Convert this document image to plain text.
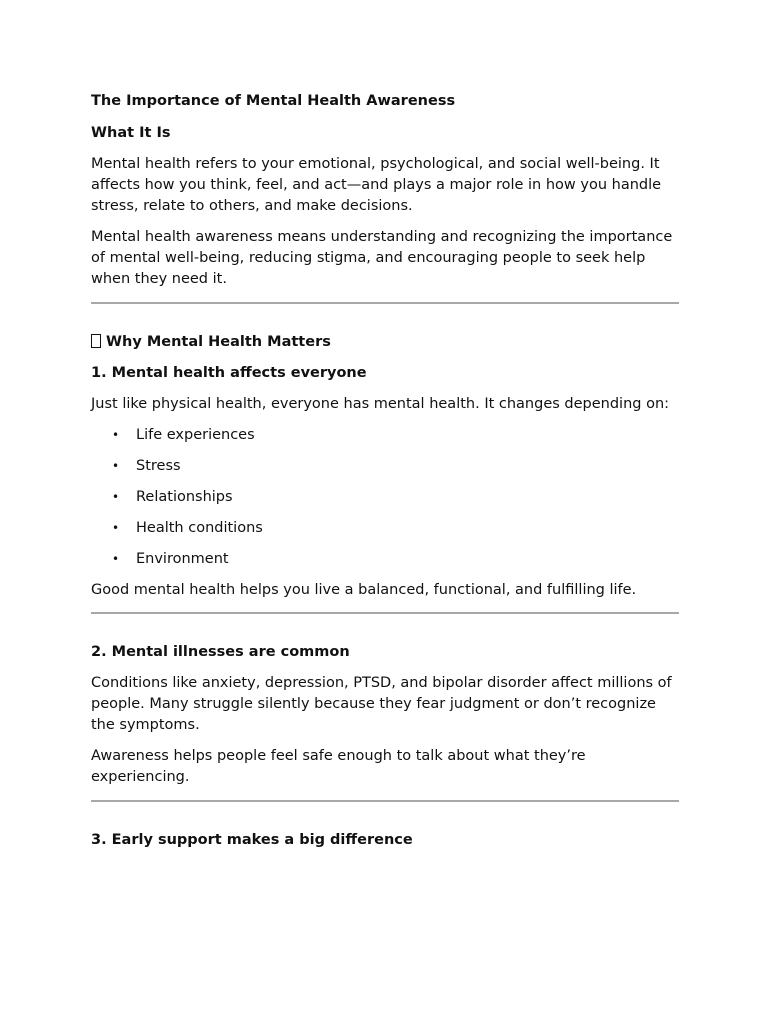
The Importance of Mental Health Awareness
What It Is

Mental health refers to your emotional, psychological, and social well-being. It affects how you think, feel, and act—and plays a major role in how you handle stress, relate to others, and make decisions.

Mental health awareness means understanding and recognizing the importance of mental well-being, reducing stigma, and encouraging people to seek help when they need it.

Why Mental Health Matters
1. Mental health affects everyone

Just like physical health, everyone has mental health. It changes depending on:

• Life experiences
• Stress
• Relationships
• Health conditions
• Environment

Good mental health helps you live a balanced, functional, and fulfilling life.

2. Mental illnesses are common

Conditions like anxiety, depression, PTSD, and bipolar disorder affect millions of people. Many struggle silently because they fear judgment or don’t recognize the symptoms.

Awareness helps people feel safe enough to talk about what they’re experiencing.

3. Early support makes a big difference
